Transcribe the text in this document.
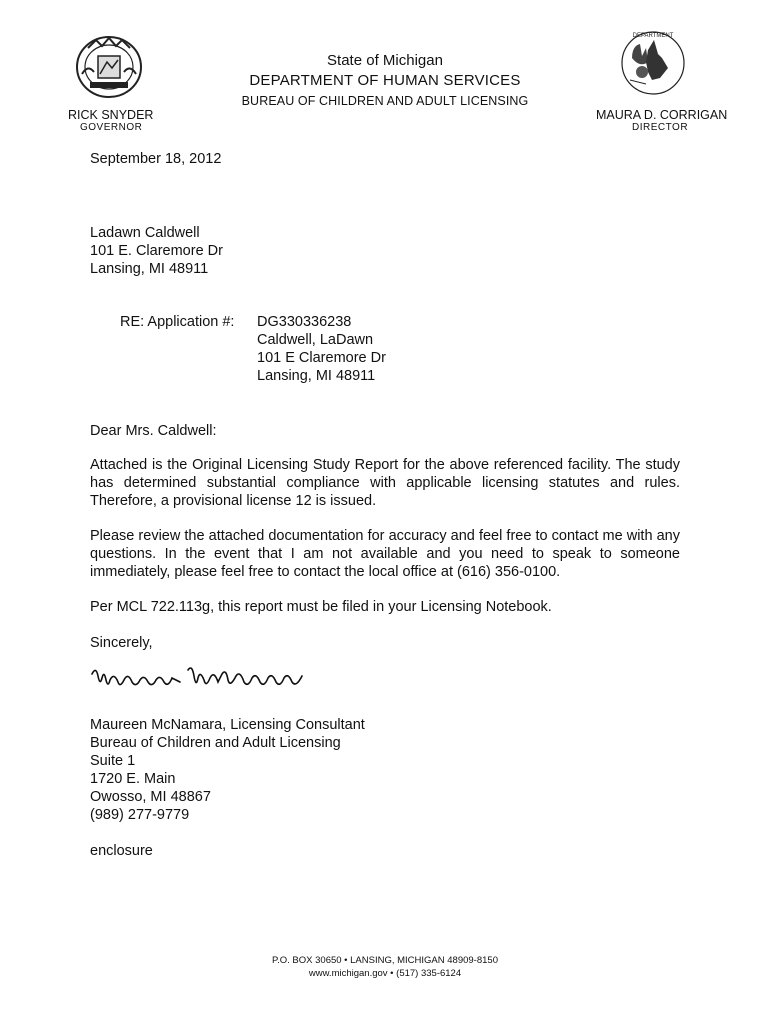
DEPARTMENT
State of Michigan
DEPARTMENT OF HUMAN SERVICES
BUREAU OF CHILDREN AND ADULT LICENSING
RICK SNYDER
GOVERNOR
MAURA D. CORRIGAN
DIRECTOR
September 18, 2012
Ladawn Caldwell
101 E. Claremore Dr
Lansing, MI 48911
RE: Application #: DG330336238
Caldwell, LaDawn
101 E Claremore Dr
Lansing, MI 48911
Dear Mrs. Caldwell:
Attached is the Original Licensing Study Report for the above referenced facility. The study has determined substantial compliance with applicable licensing statutes and rules. Therefore, a provisional license 12 is issued.
Please review the attached documentation for accuracy and feel free to contact me with any questions. In the event that I am not available and you need to speak to someone immediately, please feel free to contact the local office at (616) 356-0100.
Per MCL 722.113g, this report must be filed in your Licensing Notebook.
Sincerely,
Maureen McNamara, Licensing Consultant
Bureau of Children and Adult Licensing
Suite 1
1720 E. Main
Owosso, MI 48867
(989) 277-9779
enclosure
P.O. BOX 30650 • LANSING, MICHIGAN 48909-8150
www.michigan.gov • (517) 335-6124
